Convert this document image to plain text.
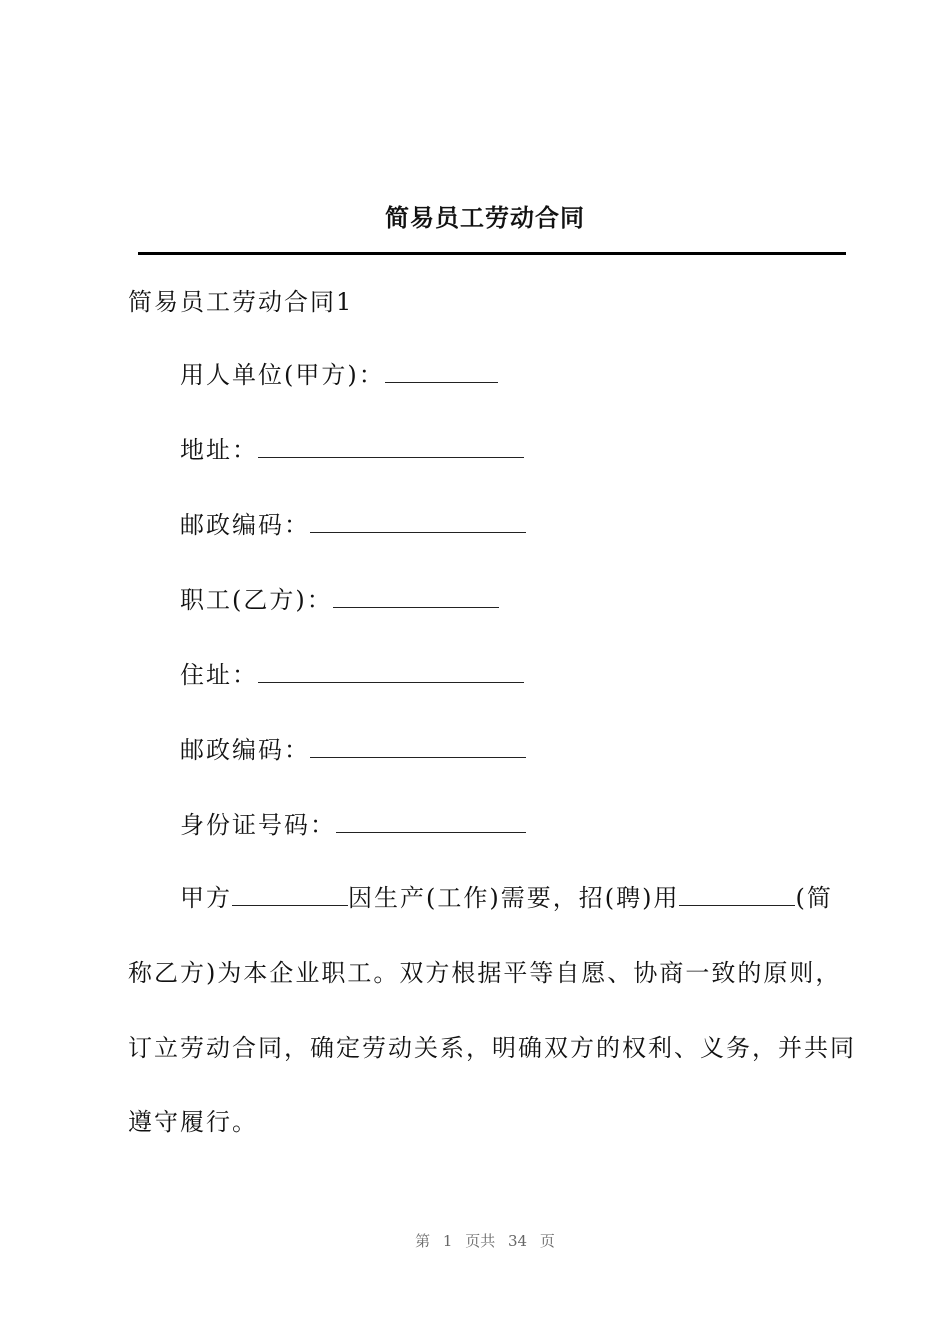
简易员工劳动合同
简易员工劳动合同1
用人单位(甲方)：
地址：
邮政编码：
职工(乙方)：
住址：
邮政编码：
身份证号码：
甲方	因生产(工作)需要，招(聘)用	(简
称乙方)为本企业职工。双方根据平等自愿、协商一致的原则，
订立劳动合同，确定劳动关系，明确双方的权利、义务，并共同
遵守履行。
第 1 页共 34 页
